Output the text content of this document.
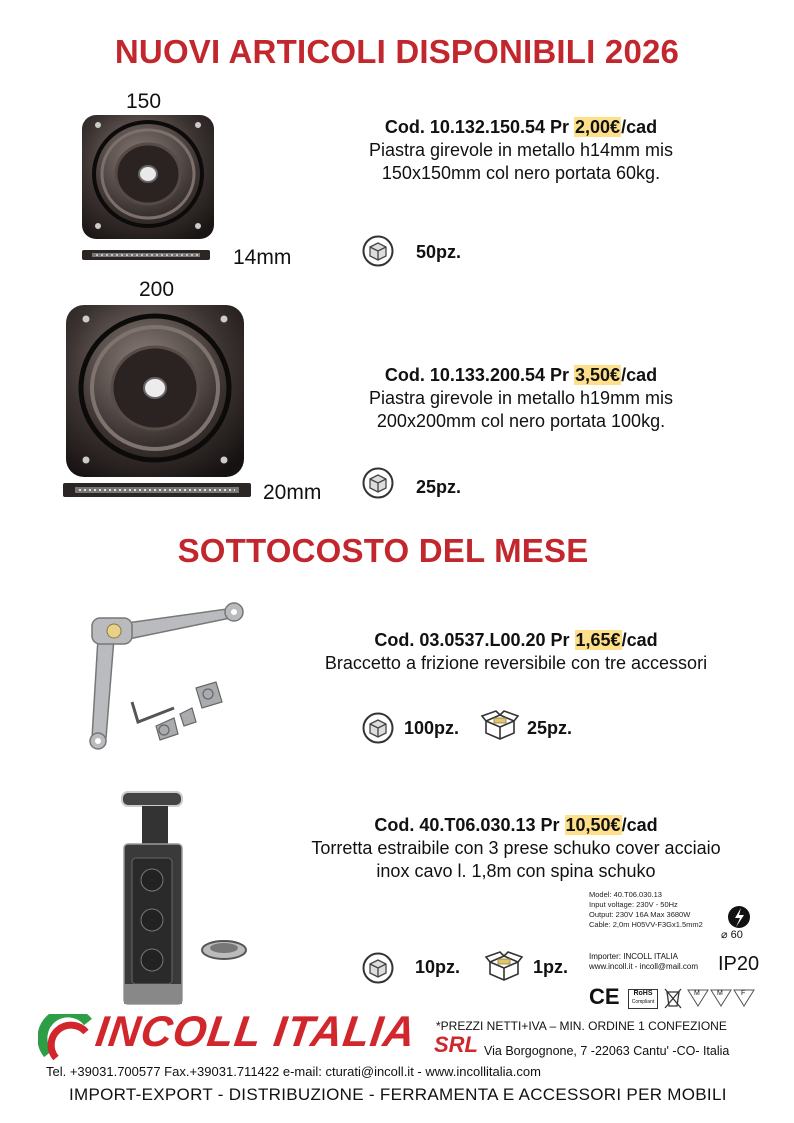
NUOVI ARTICOLI DISPONIBILI 2026
SOTTOCOSTO DEL MESE
150
14mm
Cod. 10.132.150.54 Pr 2,00€/cad
Piastra girevole in metallo h14mm mis
150x150mm col nero portata 60kg.
50pz.
200
20mm
Cod. 10.133.200.54 Pr 3,50€/cad
Piastra girevole in metallo h19mm mis
200x200mm col nero portata 100kg.
25pz.
Cod. 03.0537.L00.20 Pr 1,65€/cad
Braccetto a frizione reversibile con tre accessori
100pz.	25pz.
Cod. 40.T06.030.13 Pr 10,50€/cad
Torretta estraibile con 3 prese schuko cover acciaio
inox cavo l. 1,8m con spina schuko
Model: 40.T06.030.13
Input voltage: 230V - 50Hz
Output: 230V 16A Max 3680W
Cable: 2,0m H05VV-F3Gx1.5mm2
⌀ 60
Importer: INCOLL ITALIA
www.incoll.it - incoll@mail.com IP20
CE	RoHS
Compliant
M M	F
10pz.	1pz.
*PREZZI NETTI+IVA – MIN. ORDINE 1 CONFEZIONE
INCOLL ITALIA SRL Via Borgognone, 7 -22063 Cantu' -CO- Italia
Tel. +39031.700577 Fax.+39031.711422 e-mail: cturati@incoll.it - www.incollitalia.com
IMPORT-EXPORT - DISTRIBUZIONE - FERRAMENTA E ACCESSORI PER MOBILI
